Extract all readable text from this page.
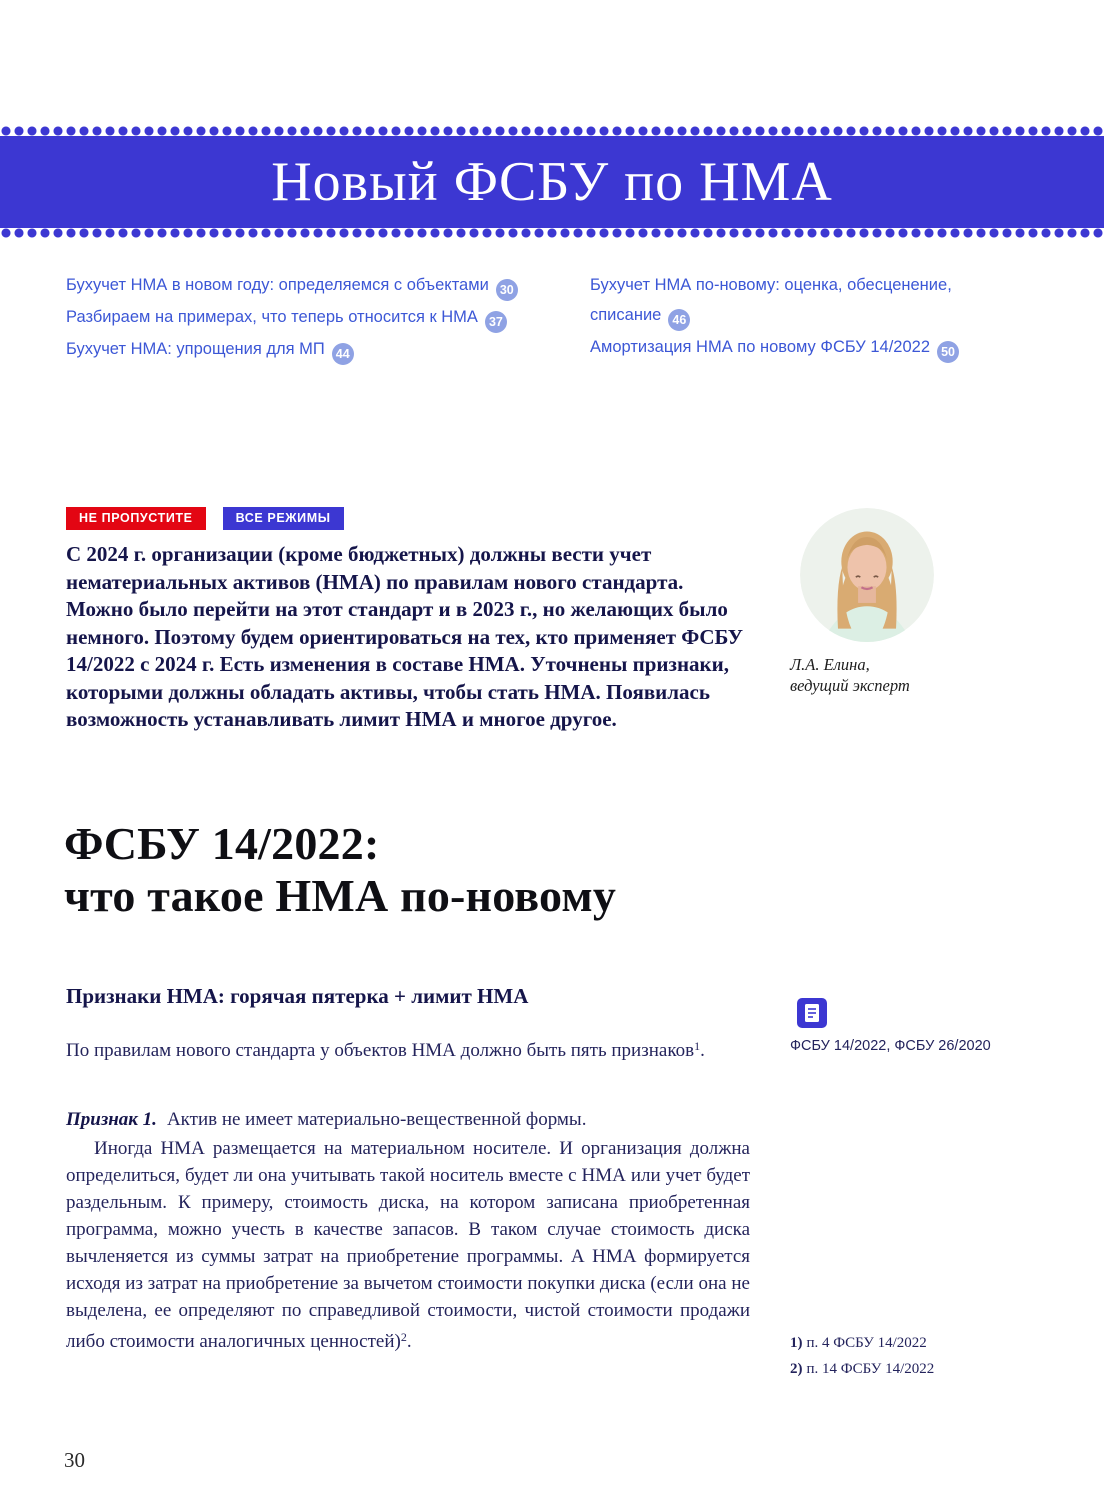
Новый ФСБУ по НМА
Бухучет НМА в новом году: определяемся с объектами 30
Разбираем на примерах, что теперь относится к НМА 37
Бухучет НМА: упрощения для МП 44
Бухучет НМА по-новому: оценка, обесценение, списание 46
Амортизация НМА по новому ФСБУ 14/2022 50
НЕ ПРОПУСТИТЕ	ВСЕ РЕЖИМЫ
С 2024 г. организации (кроме бюджетных) должны вести учет нематериальных активов (НМА) по правилам нового стандарта. Можно было перейти на этот стандарт и в 2023 г., но желающих было немного. Поэтому будем ориентироваться на тех, кто применяет ФСБУ 14/2022 с 2024 г. Есть изменения в составе НМА. Уточнены признаки, которыми должны обладать активы, чтобы стать НМА. Появилась возможность устанавливать лимит НМА и многое другое.
Л.А. Елина,
ведущий эксперт
ФСБУ 14/2022:
что такое НМА по-новому
Признаки НМА: горячая пятерка + лимит НМА

По правилам нового стандарта у объектов НМА должно быть пять признаков$^1$.

Признак 1. Актив не имеет материально-вещественной формы.
Иногда НМА размещается на материальном носителе. И организация должна определиться, будет ли она учитывать такой носитель вместе с НМА или учет будет раздельным. К примеру, стоимость диска, на котором записана приобретенная программа, можно учесть в качестве запасов. В таком случае стоимость диска вычленяется из суммы затрат на приобретение программы. А НМА формируется исходя из затрат на приобретение за вычетом стоимости покупки диска (если она не выделена, ее определяют по справедливой стоимости, чистой стоимости продажи либо стоимости аналогичных ценностей)$^2$.
ФСБУ 14/2022, ФСБУ 26/2020
1) п. 4 ФСБУ 14/2022
2) п. 14 ФСБУ 14/2022
30
